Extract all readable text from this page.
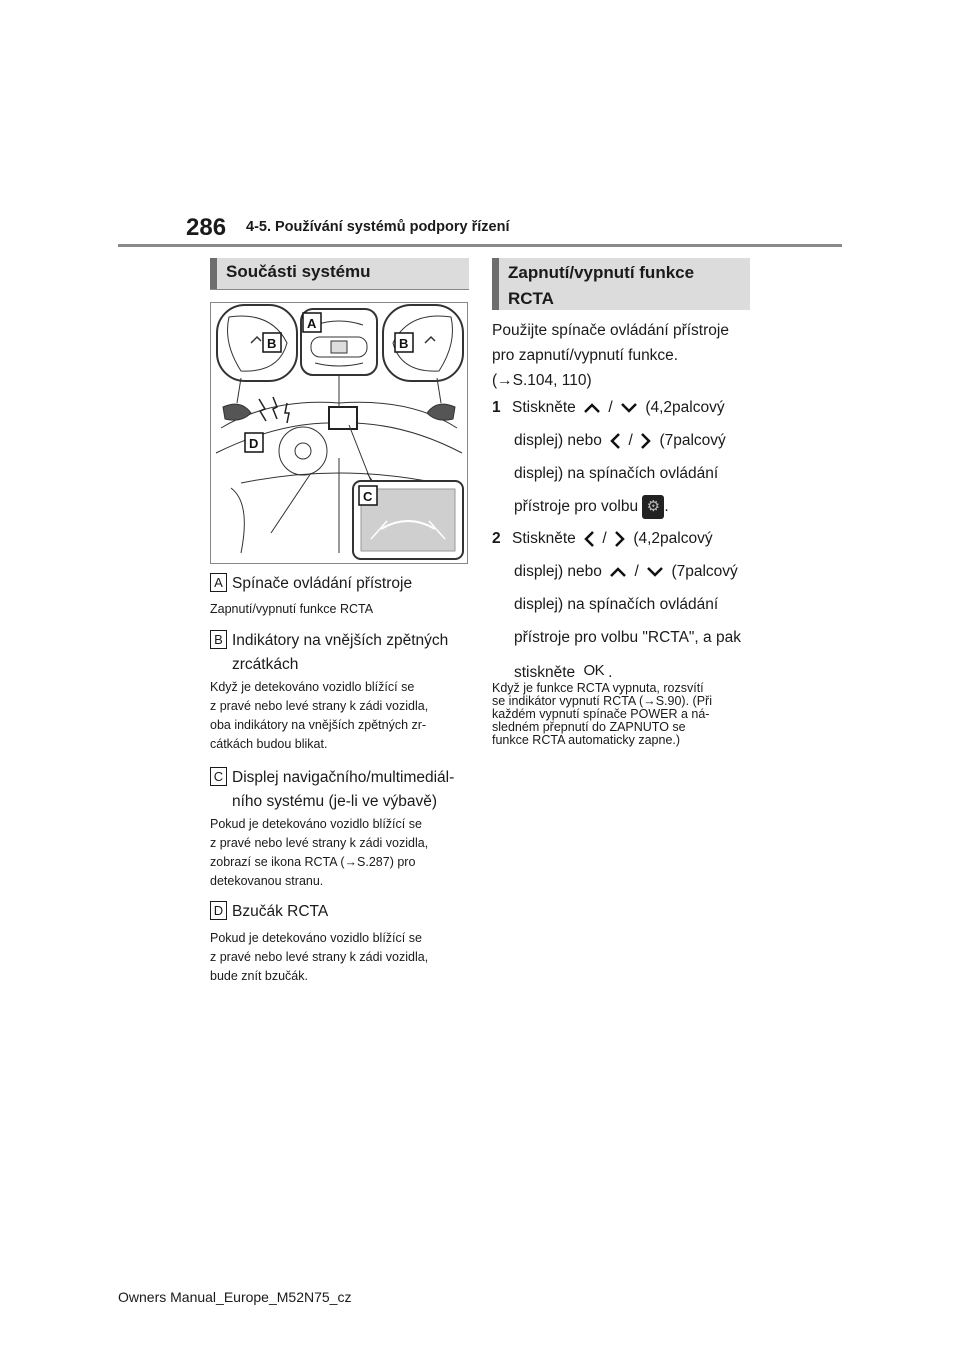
286 4-5. Používání systémů podpory řízení
Součásti systému
A
B	B
C
D
A Spínače ovládání přístroje
Zapnutí/vypnutí funkce RCTA
B Indikátory na vnějších zpětných
zrcátkách
Když je detekováno vozidlo blížící se
z pravé nebo levé strany k zádi vozidla,
oba indikátory na vnějších zpětných zr-
cátkách budou blikat.
C Displej navigačního/multimediál-
ního systému (je-li ve výbavě)
Pokud je detekováno vozidlo blížící se
z pravé nebo levé strany k zádi vozidla,
zobrazí se ikona RCTA (→S.287) pro
detekovanou stranu.
D Bzučák RCTA
Pokud je detekováno vozidlo blížící se
z pravé nebo levé strany k zádi vozidla,
bude znít bzučák.
Zapnutí/vypnutí funkce
RCTA
Použijte spínače ovládání přístroje
pro zapnutí/vypnutí funkce.
(→S.104, 110)
1 Stiskněte / (4,2palcový
displej) nebo / (7palcový
displej) na spínačích ovládání
přístroje pro volbu ⚙ .
2 Stiskněte / (4,2palcový
displej) nebo / (7palcový
displej) na spínačích ovládání
přístroje pro volbu "RCTA", a pak
stiskněte OK .
Když je funkce RCTA vypnuta, rozsvítí
se indikátor vypnutí RCTA (→S.90). (Při
každém vypnutí spínače POWER a ná-
sledném přepnutí do ZAPNUTO se
funkce RCTA automaticky zapne.)
Owners Manual_Europe_M52N75_cz
